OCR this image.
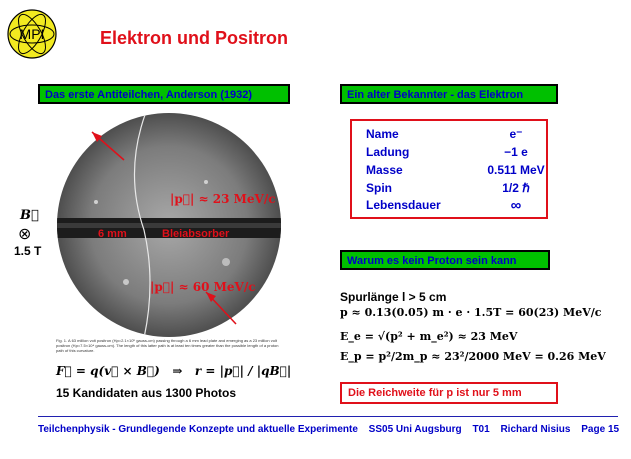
MPI	Elektron und Positron
Das erste Antiteilchen, Anderson (1932)	Ein alter Bekannter - das Elektron
Name	e⁻
Ladung	−1 e
Masse	0.511 MeV
Spin	1/2 ℏ
Lebensdauer	∞
B⃗
⊗
1.5 T
|p⃗| ≈ 23 MeV/c
6 mm	Bleiabsorber
|p⃗| ≈ 60 MeV/c
Fig. 1. A 63 million volt positron (Hρ=2.1×10⁵ gauss-cm) passing through a 6 mm lead plate and emerging as a 23 million volt positron (Hρ=7.5×10⁴ gauss-cm). The length of this latter path is at least ten times greater than the possible length of a proton path of this curvature.
F⃗ = q(v⃗ × B⃗)   ⇒   r = |p⃗| / |qB⃗|
15 Kandidaten aus 1300 Photos
Warum es kein Proton sein kann
Spurlänge l > 5 cm
p ≈ 0.13(0.05) m · e · 1.5T = 60(23) MeV/c
E_e = √(p² + m_e²) ≈ 23 MeV
E_p = p²/2m_p ≈ 23²/2000 MeV = 0.26 MeV
Die Reichweite für p ist nur 5 mm
Teilchenphysik - Grundlegende Konzepte und aktuelle Experimente SS05 Uni Augsburg T01 Richard Nisius Page 15
